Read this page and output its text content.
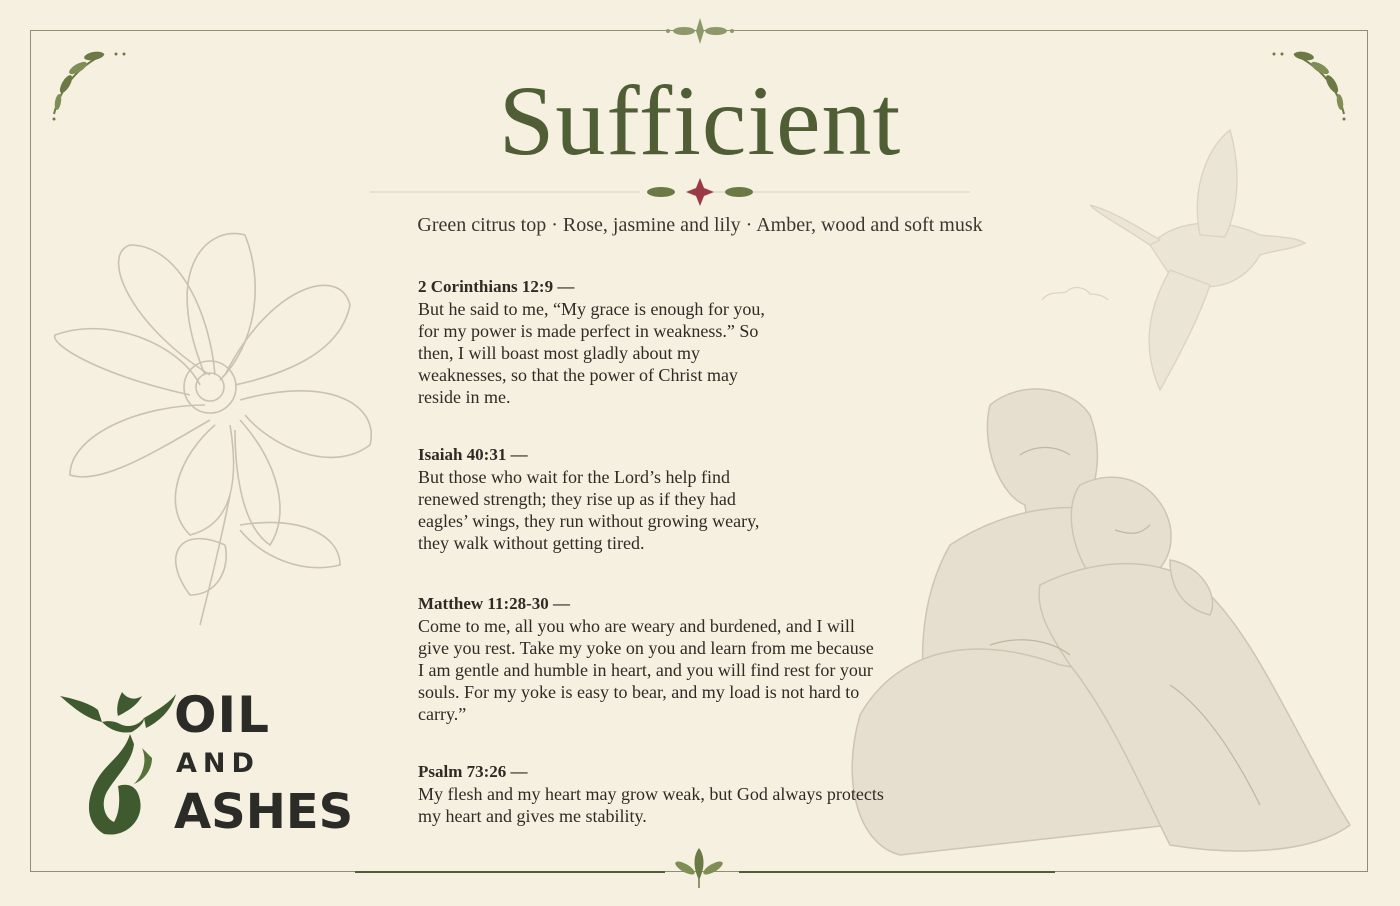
Sufficient
Green citrus top · Rose, jasmine and lily · Amber, wood and soft musk
2 Corinthians 12:9 —
But he said to me, “My grace is enough for you, for my power is made perfect in weakness.” So then, I will boast most gladly about my weaknesses, so that the power of Christ may reside in me.
Isaiah 40:31 —
But those who wait for the Lord’s help find renewed strength; they rise up as if they had eagles’ wings, they run without growing weary, they walk without getting tired.
Matthew 11:28-30 —
Come to me, all you who are weary and burdened, and I will give you rest. Take my yoke on you and learn from me because I am gentle and humble in heart, and you will find rest for your souls. For my yoke is easy to bear, and my load is not hard to carry.”
Psalm 73:26 —
My flesh and my heart may grow weak, but God always protects my heart and gives me stability.
OIL
AND
ASHES
